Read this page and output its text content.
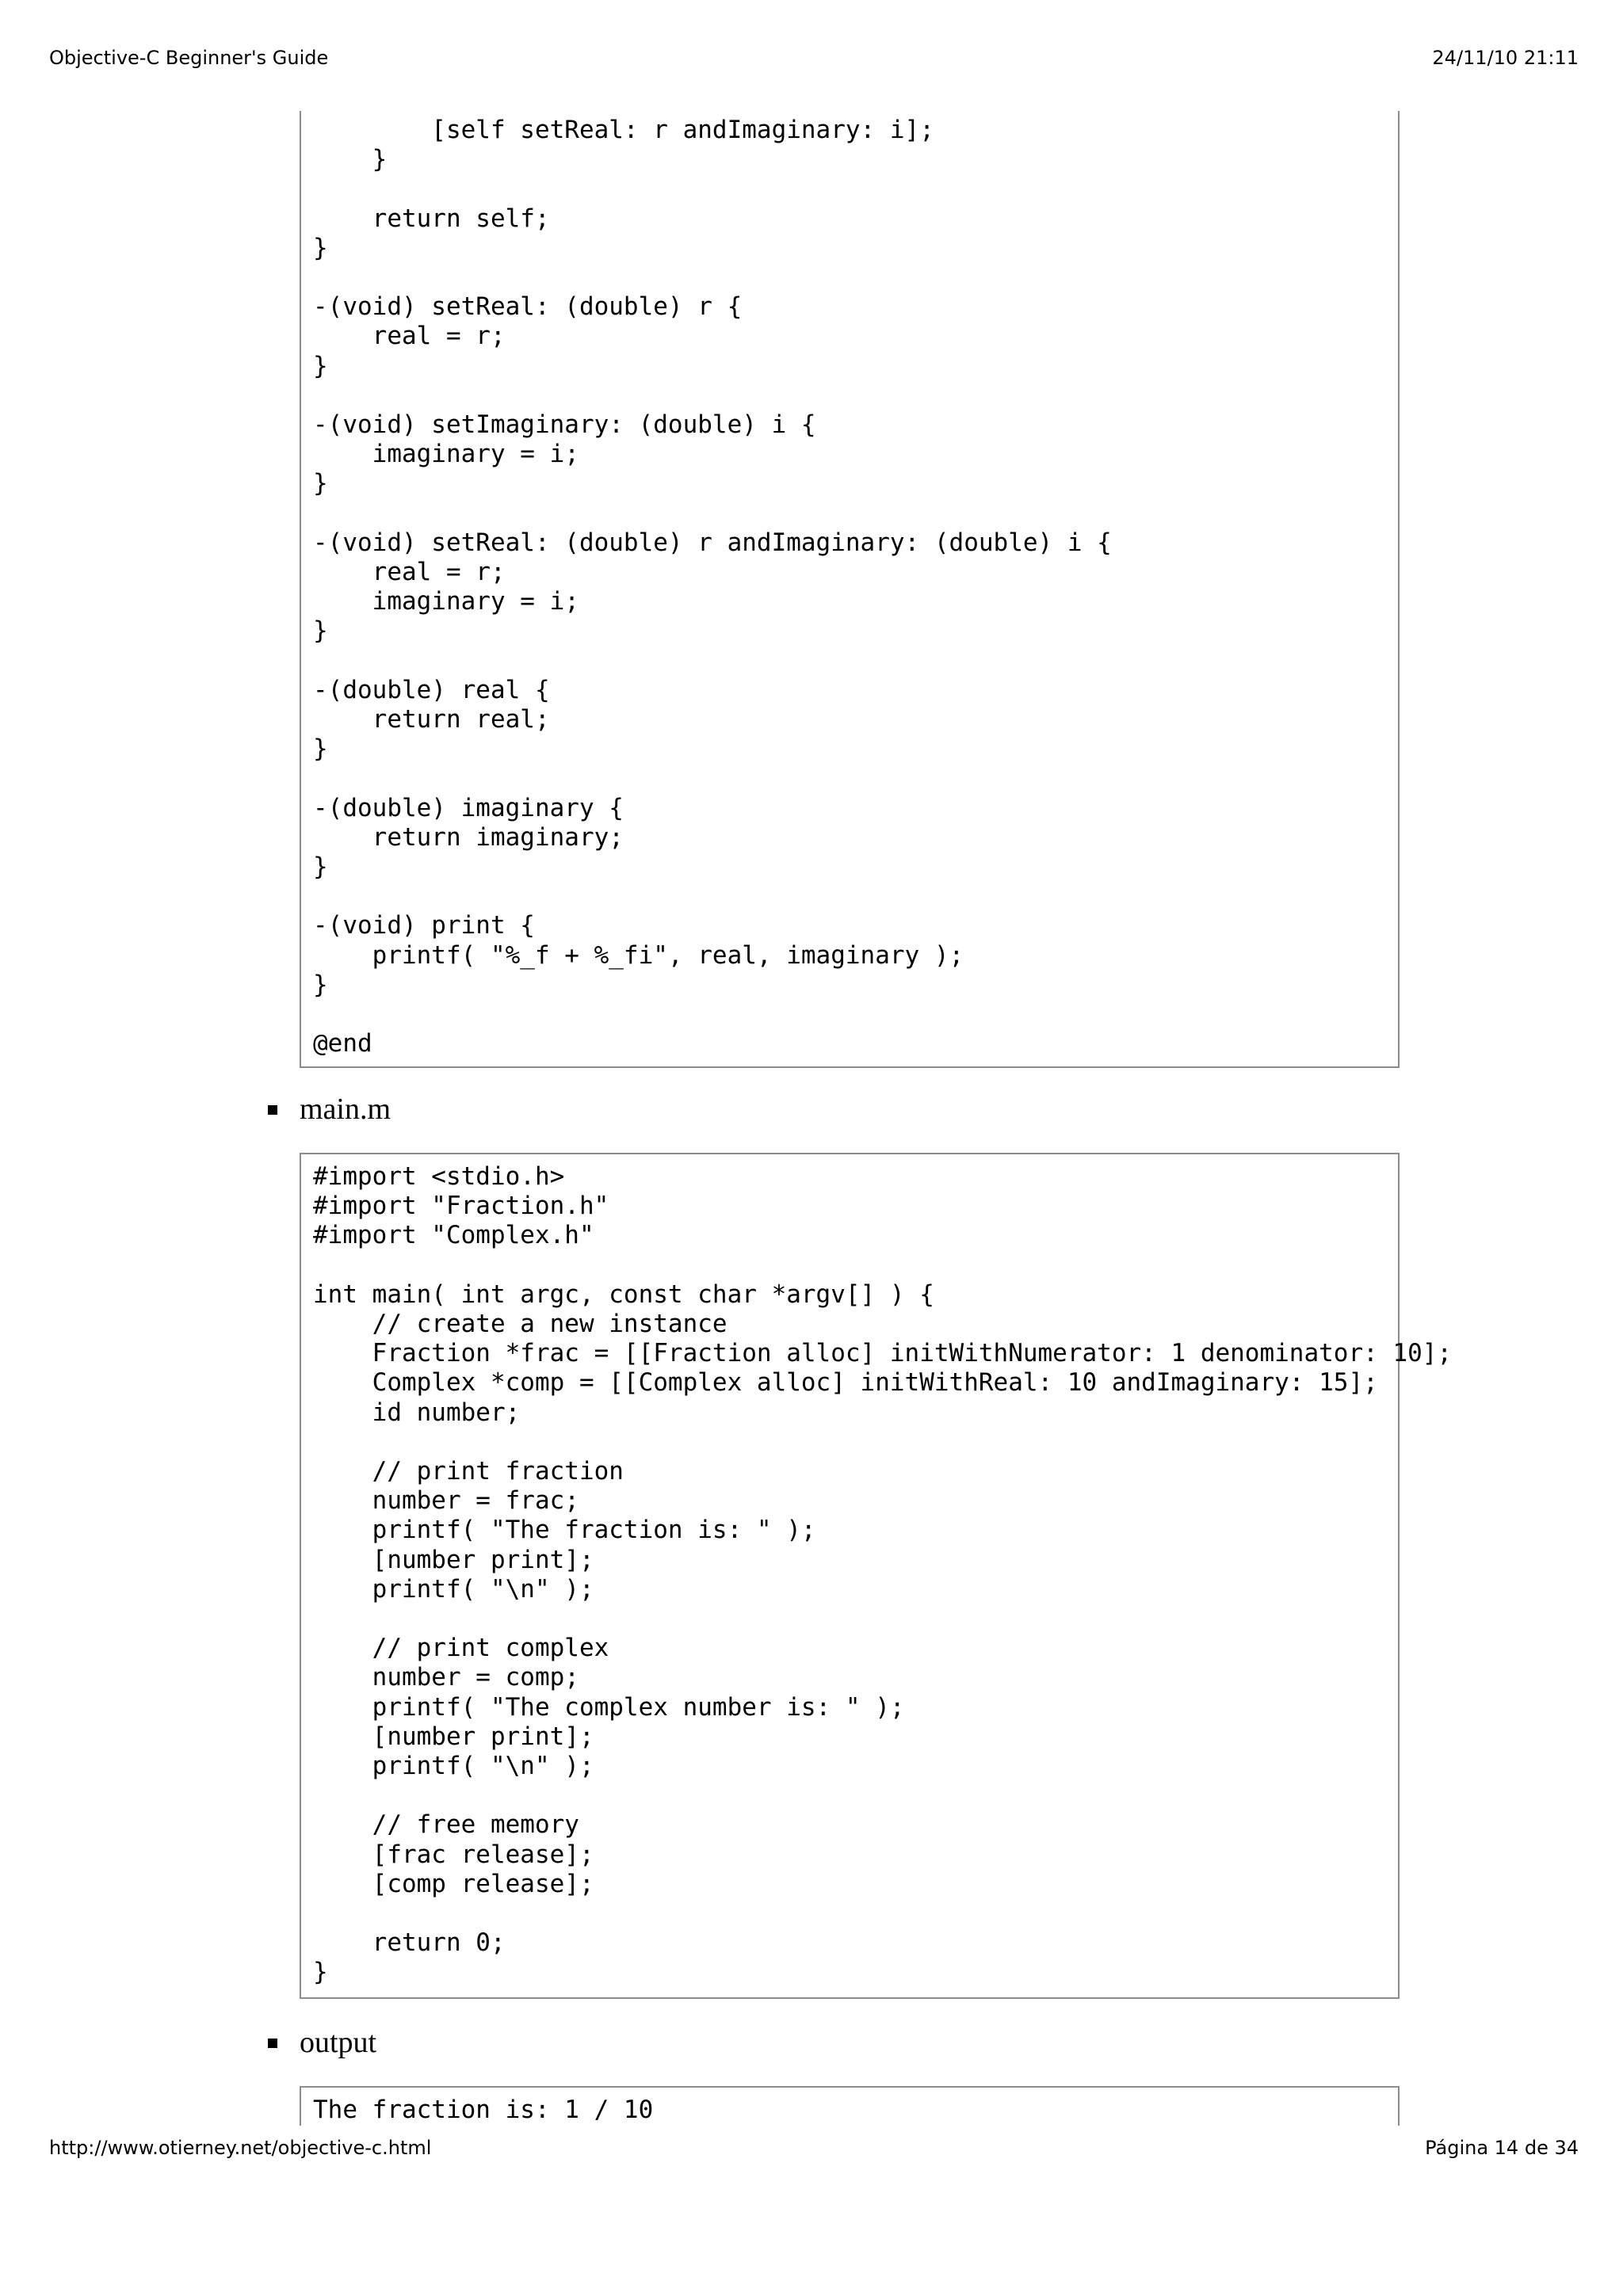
Objective-C Beginner's Guide	24/11/10 21:11
[self setReal: r andImaginary: i];
}

return self;
}

-(void) setReal: (double) r {
real = r;
}

-(void) setImaginary: (double) i {
imaginary = i;
}

-(void) setReal: (double) r andImaginary: (double) i {
real = r;
imaginary = i;
}

-(double) real {
return real;
}

-(double) imaginary {
return imaginary;
}

-(void) print {
printf( "%_f + %_fi", real, imaginary );
}

@end
main.m
#import <stdio.h>
#import "Fraction.h"
#import "Complex.h"

int main( int argc, const char *argv[] ) {
// create a new instance
Fraction *frac = [[Fraction alloc] initWithNumerator: 1 denominator: 10];
Complex *comp = [[Complex alloc] initWithReal: 10 andImaginary: 15];
id number;

// print fraction
number = frac;
printf( "The fraction is: " );
[number print];
printf( "\n" );

// print complex
number = comp;
printf( "The complex number is: " );
[number print];
printf( "\n" );

// free memory
[frac release];
[comp release];

return 0;
}
output
The fraction is: 1 / 10
http://www.otierney.net/objective-c.html	Página 14 de 34
